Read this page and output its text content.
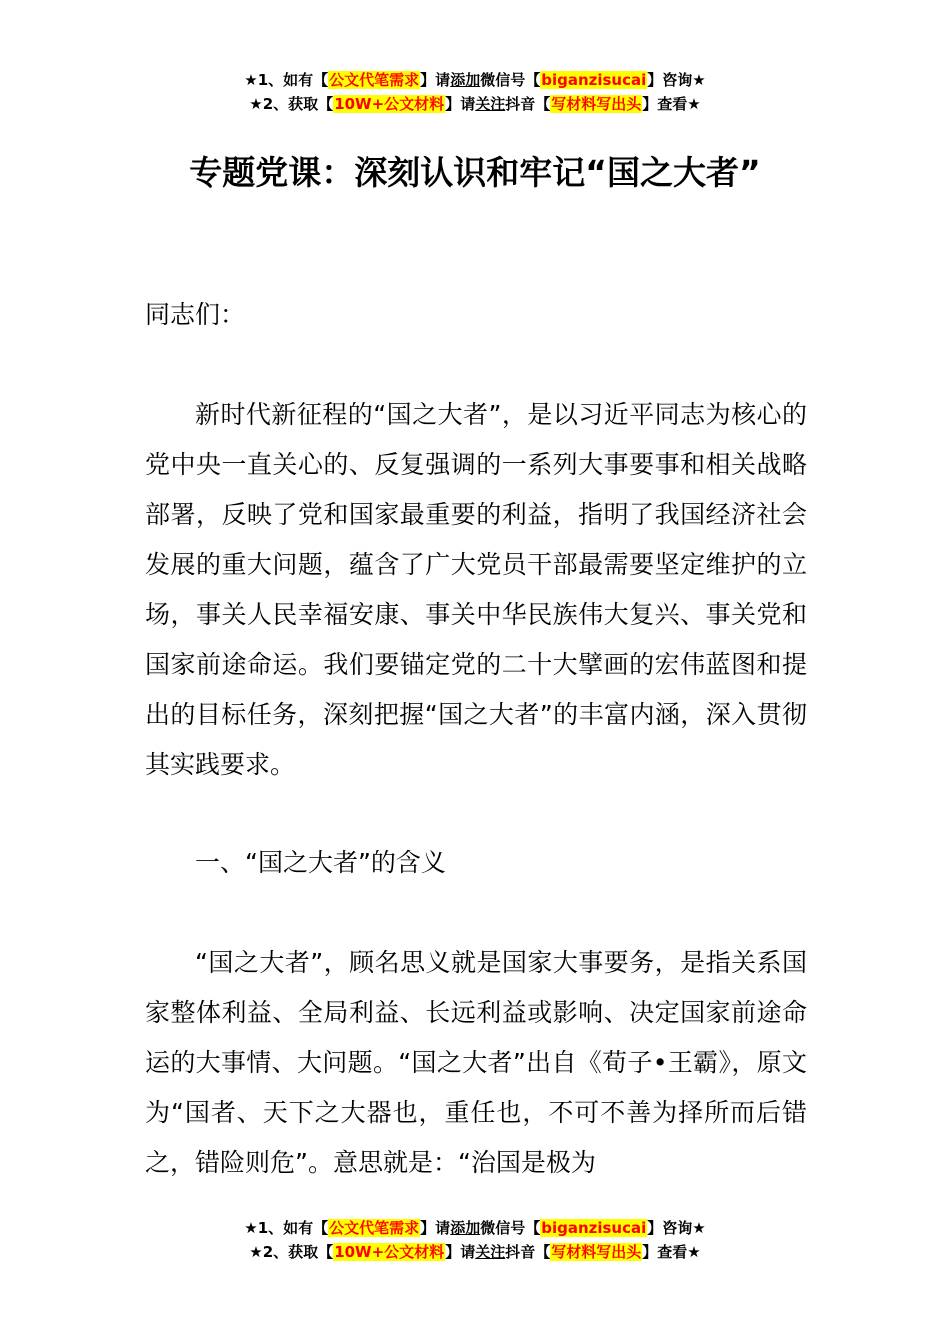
★1、如有【公文代笔需求】请添加微信号【biganzisucai】咨询★
★2、获取【10W+公文材料】请关注抖音【写材料写出头】查看★
专题党课：深刻认识和牢记“国之大者”

同志们：

新时代新征程的“国之大者”，是以习近平同志为核心的党中央一直关心的、反复强调的一系列大事要事和相关战略部署，反映了党和国家最重要的利益，指明了我国经济社会发展的重大问题，蕴含了广大党员干部最需要坚定维护的立场，事关人民幸福安康、事关中华民族伟大复兴、事关党和国家前途命运。我们要锚定党的二十大擘画的宏伟蓝图和提出的目标任务，深刻把握“国之大者”的丰富内涵，深入贯彻其实践要求。

一、“国之大者”的含义

“国之大者”，顾名思义就是国家大事要务，是指关系国家整体利益、全局利益、长远利益或影响、决定国家前途命运的大事情、大问题。“国之大者”出自《荀子•王霸》，原文为“国者、天下之大器也，重任也，不可不善为择所而后错之，错险则危”。意思就是：“治国是极为

★1、如有【公文代笔需求】请添加微信号【biganzisucai】咨询★
★2、获取【10W+公文材料】请关注抖音【写材料写出头】查看★
